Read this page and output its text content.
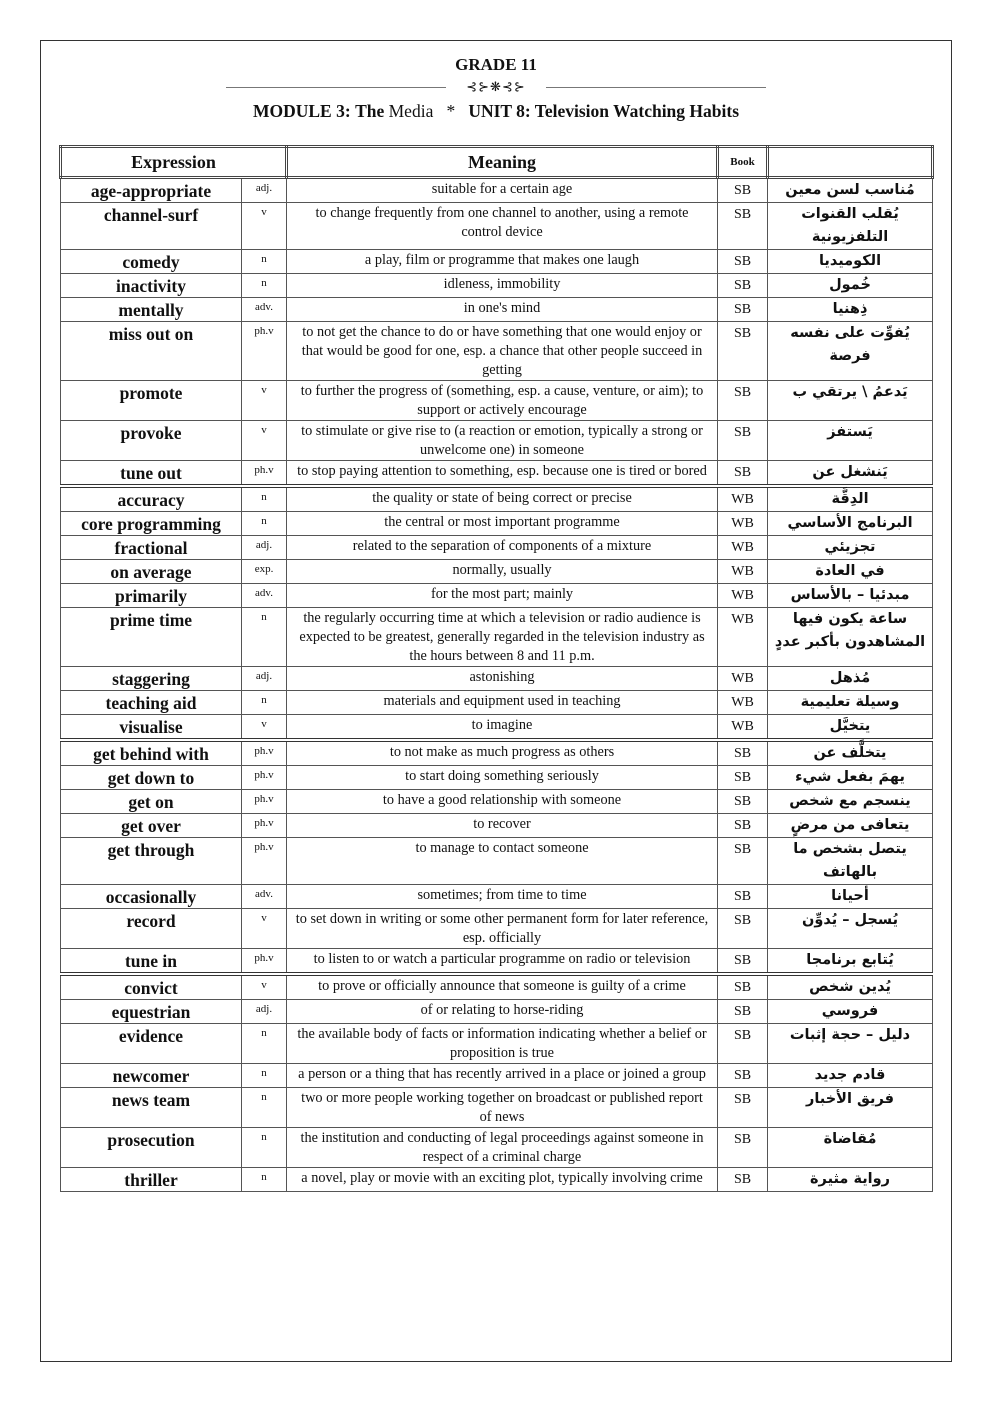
GRADE 11
⊰⊱❋⊰⊱
MODULE 3: The Media * UNIT 8: Television Watching Habits
Expression		Meaning	Book	
age-appropriate	adj.	suitable for a certain age	SB	مُناسب لسن معين
channel-surf	v	to change frequently from one channel to another, using a remote control device	SB	يُقلب القنوات التلفزيونية
comedy	n	a play, film or programme that makes one laugh	SB	الكوميديا
inactivity	n	idleness, immobility	SB	خُمول
mentally	adv.	in one's mind	SB	ذِهنيا
miss out on	ph.v	to not get the chance to do or have something that one would enjoy or that would be good for one, esp. a chance that other people succeed in getting	SB	يُفوِّت على نفسه فرصة
promote	v	to further the progress of (something, esp. a cause, venture, or aim); to support or actively encourage	SB	يَدعمُ \ يرتقي ب
provoke	v	to stimulate or give rise to (a reaction or emotion, typically a strong or unwelcome one) in someone	SB	يَستفز
tune out	ph.v	to stop paying attention to something, esp. because one is tired or bored	SB	يَنشغل عن
accuracy	n	the quality or state of being correct or precise	WB	الدِقَّة
core programming	n	the central or most important programme	WB	البرنامج الأساسي
fractional	adj.	related to the separation of components of a mixture	WB	تجزيئي
on average	exp.	normally, usually	WB	في العادة
primarily	adv.	for the most part; mainly	WB	مبدئيا – بالأساس
prime time	n	the regularly occurring time at which a television or radio audience is expected to be greatest, generally regarded in the television industry as the hours between 8 and 11 p.m.	WB	ساعة يكون فيها المشاهدون بأكبر عددٍ
staggering	adj.	astonishing	WB	مُذهل
teaching aid	n	materials and equipment used in teaching	WB	وسيلة تعليمية
visualise	v	to imagine	WB	يتخيَّل
get behind with	ph.v	to not make as much progress as others	SB	يتخلَّف عن
get down to	ph.v	to start doing something seriously	SB	يهمَ بفعل شيء
get on	ph.v	to have a good relationship with someone	SB	ينسجم مع شخص
get over	ph.v	to recover	SB	يتعافى من مرضٍ
get through	ph.v	to manage to contact someone	SB	يتصل بشخص ما بالهاتف
occasionally	adv.	sometimes; from time to time	SB	أحيانا
record	v	to set down in writing or some other permanent form for later reference, esp. officially	SB	يُسجل – يُدوِّن
tune in	ph.v	to listen to or watch a particular programme on radio or television	SB	يُتابع برنامجا
convict	v	to prove or officially announce that someone is guilty of a crime	SB	يُدين شخص
equestrian	adj.	of or relating to horse-riding	SB	فروسي
evidence	n	the available body of facts or information indicating whether a belief or proposition is true	SB	دليل – حجة إثبات
newcomer	n	a person or a thing that has recently arrived in a place or joined a group	SB	قادم جديد
news team	n	two or more people working together on broadcast or published report of news	SB	فريق الأخبار
prosecution	n	the institution and conducting of legal proceedings against someone in respect of a criminal charge	SB	مُقاضاة
thriller	n	a novel, play or movie with an exciting plot, typically involving crime	SB	رواية مثيرة
